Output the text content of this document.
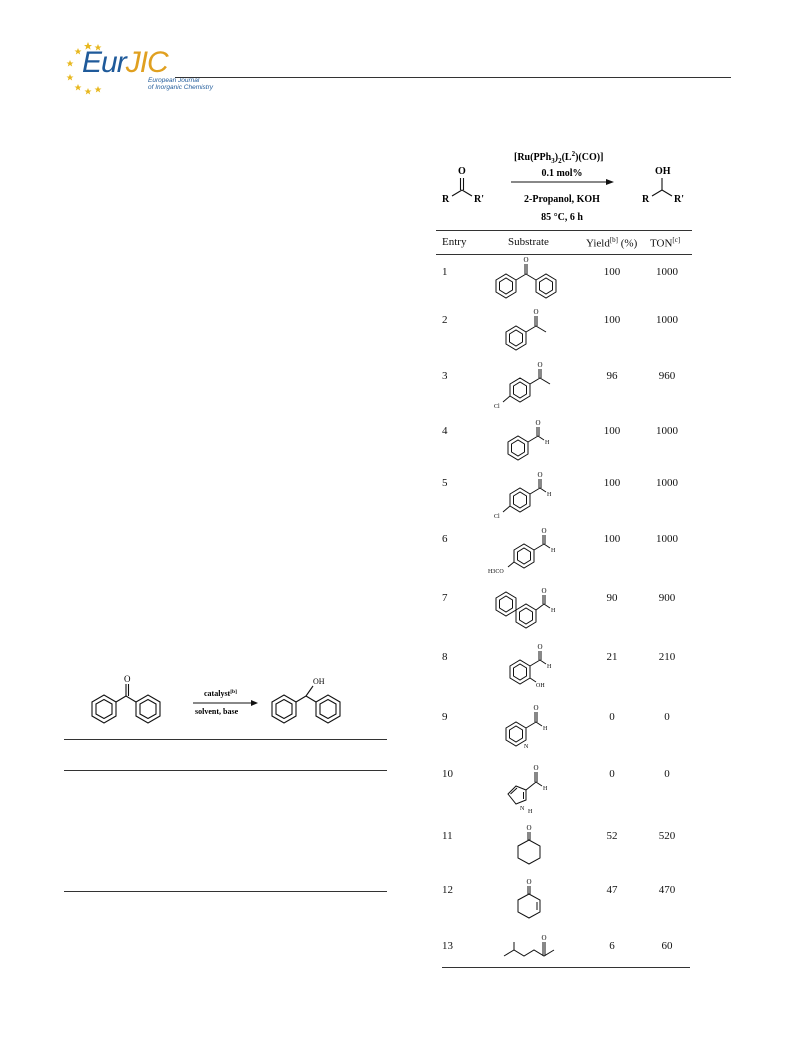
EurJIC
European Journal
of Inorganic Chemistry
O	OH
catalyst[b]
solvent, base
O
R R'
OH
R R'
$[Ru(PPh_3)_2(L^2)(CO)]$
0.1 mol%
2-Propanol, KOH
85 °C, 6 h
Entry	Substrate	Yield[b] (%) TON[c]
1	100	1000
2	100	1000
3	96	960
4	100	1000
5	100	1000
6	100	1000
7	90	900
8	21	210
9	0	0
10	0	0
11	52	520
12	47	470
13	6	60
O
O
O
Cl
O
H
O
H
Cl
O
H
H3CO
O
H
O
H
OH
O
H
N
O
H
N H
O
O
O
